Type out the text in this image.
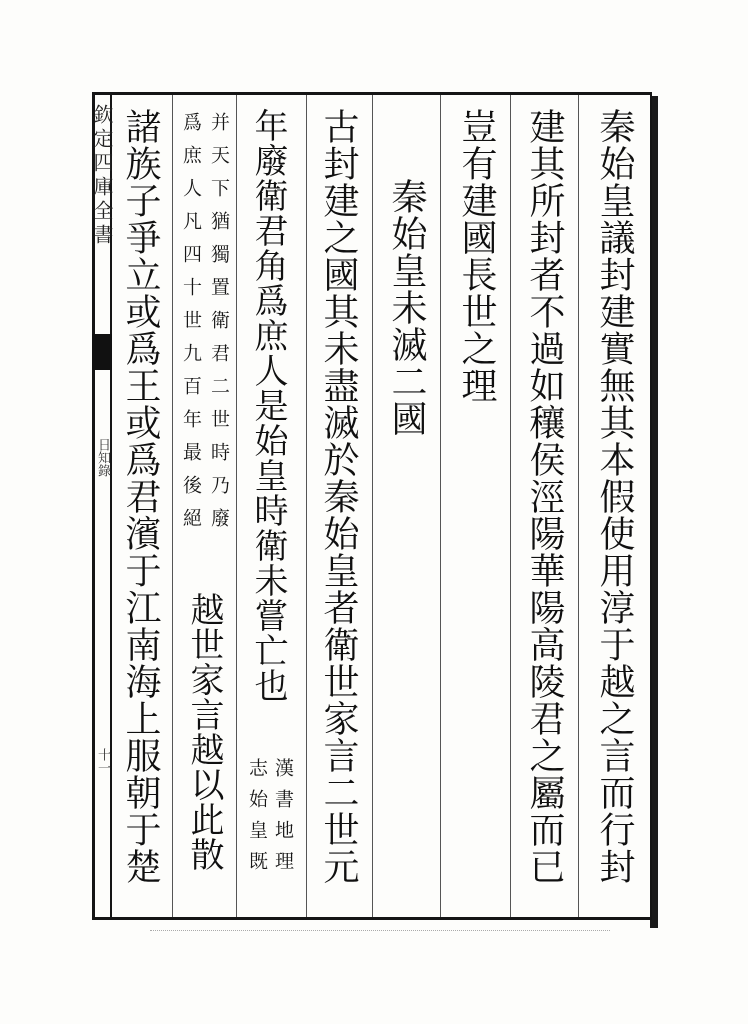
欽定四庫全書
日知錄
十一	秦始皇議封建實無其本假使用淳于越之言而行封
建其所封者不過如穰侯涇陽華陽高陵君之屬而已
豈有建國長世之理
秦始皇未滅二國
古封建之國其未盡滅於秦始皇者衛世家言二世元
年廢衛君角爲庶人是始皇時衛未嘗亡也
漢書地理
志始皇既
并天下猶獨置衛君二世時乃廢
爲庶人凡四十世九百年最後絕
越世家言越以此散
諸族子爭立或爲王或爲君濱于江南海上服朝于楚
